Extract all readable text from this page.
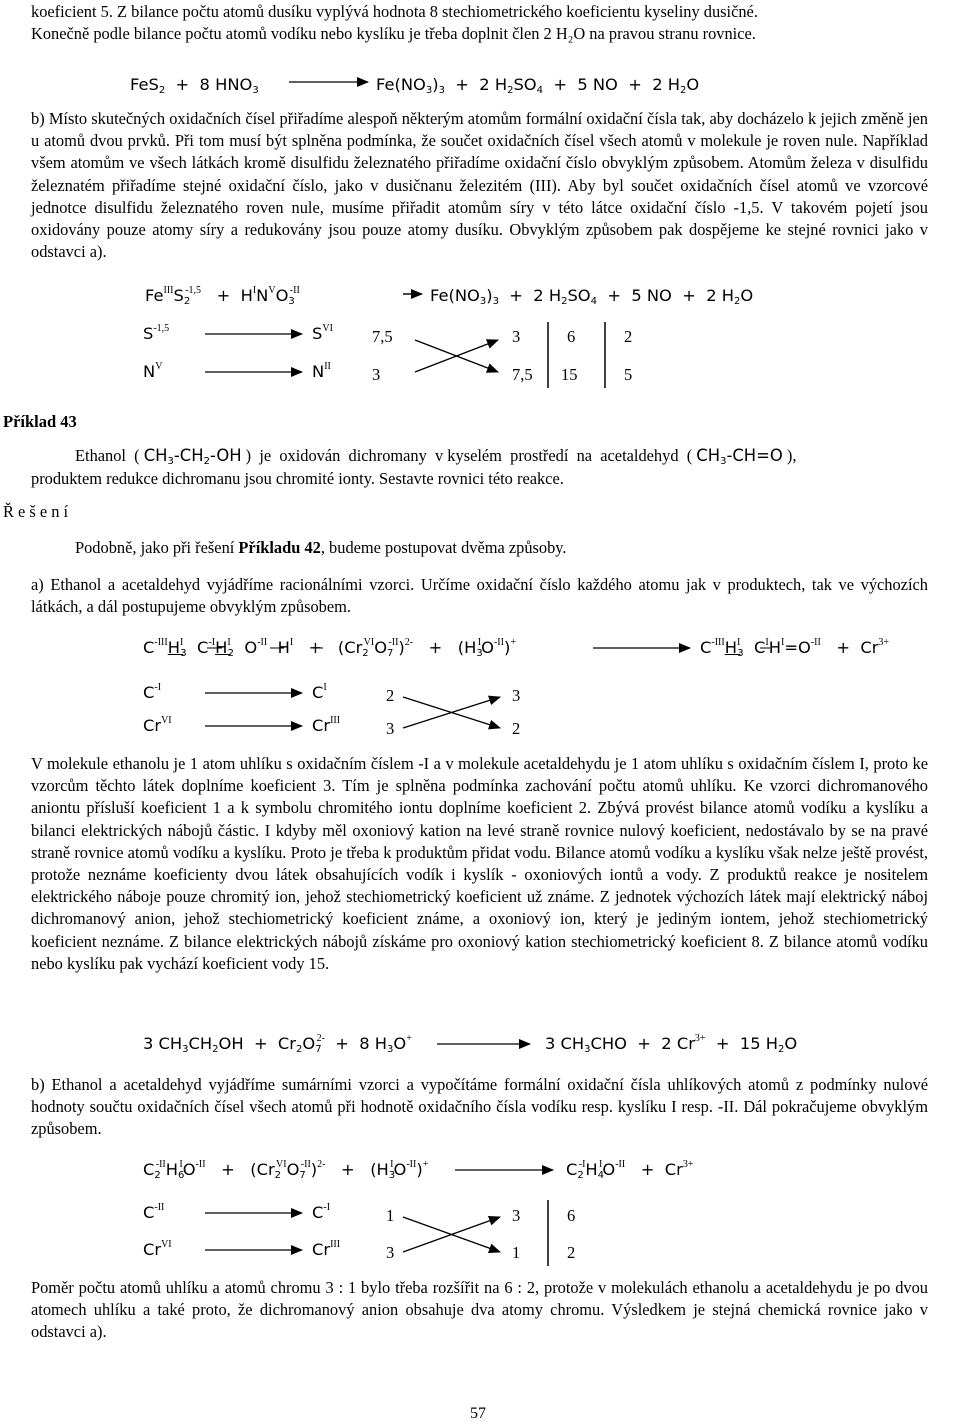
koeficient 5. Z bilance počtu atomů dusíku vyplývá hodnota 8 stechiometrického koeficientu kyseliny dusičné.
Konečně podle bilance počtu atomů vodíku nebo kyslíku je třeba doplnit člen 2 H₂O na pravou stranu rovnice.
FeS$_2$  +  8 $HNO_3$	$Fe(NO_3)_3 + 2$ $H_2SO_4 + 5$ NO  +  2 $H_2O$
b) Místo skutečných oxidačních čísel přiřadíme alespoň některým atomům formální oxidační čísla tak, aby docházelo k jejich změně jen u atomů dvou prvků. Při tom musí být splněna podmínka, že součet oxidačních čísel všech atomů v molekule je roven nule. Například všem atomům ve všech látkách kromě disulfidu železnatého přiřadíme oxidační číslo obvyklým způsobem. Atomům železa v disulfidu železnatém přiřadíme stejné oxidační číslo, jako v dusičnanu železitém (III). Aby byl součet oxidačních čísel atomů ve vzorcové jednotce disulfidu železnatého roven nule, musíme přiřadit atomům síry v této látce oxidační číslo -1,5. V takovém pojetí jsou oxidovány pouze atomy síry a redukovány jsou pouze atomy dusíku. Obvyklým způsobem pak dospějeme ke stejné rovnici jako v odstavci a).
$Fe^{III}S_2^{-1,5} + H^IN^VO_3^{-II}$	$Fe(NO_3)_3 + 2$ $H_2SO_4 + 5$ NO  +  2 $H_2O$
$S^{-1,5}$	$S^{VI}$ 7,5	3	6	2
$N^V$	$N^{II}$ 3	7,5 15	5
Příklad 43
Ethanol  ( $CH_3-CH_2-OH$ )  je  oxidován  dichromany  v kyselém  prostředí  na  acetaldehyd  ( $CH_3-CH=O$ ),
produktem redukce dichromanu jsou chromité ionty. Sestavte rovnici této reakce.
Ř e š e n í
Podobně, jako při řešení Příkladu 42, budeme postupovat dvěma způsoby.
a) Ethanol a acetaldehyd vyjádříme racionálními vzorci. Určíme oxidační číslo každého atomu jak v produktech, tak ve výchozích látkách, a dál postupujeme obvyklým způsobem.
$C^{-III}H^I_3$  $C^{-I}H^I_2$  $O^{-II}$  $H^I + (Cr_2^{VI}O_7^{-II})^{2-} + (H_3^IO^{-II})^+$	$C^{-III}H^I_3$  $C^IH^I=O^{-II} + Cr^{3+}$
$C^{-I}$	$C^I$	2	3
$Cr^{VI}$	$Cr^{III}$	3	2
V molekule ethanolu je 1 atom uhlíku s oxidačním číslem -I a v molekule acetaldehydu je 1 atom uhlíku s oxidačním číslem I, proto ke vzorcům těchto látek doplníme koeficient 3. Tím je splněna podmínka zachování počtu atomů uhlíku. Ke vzorci dichromanového aniontu přísluší koeficient 1 a k symbolu chromitého iontu doplníme koeficient 2. Zbývá provést bilance atomů vodíku a kyslíku a bilanci elektrických nábojů částic. I kdyby měl oxoniový kation na levé straně rovnice nulový koeficient, nedostávalo by se na pravé straně rovnice atomů vodíku a kyslíku. Proto je třeba k produktům přidat vodu. Bilance atomů vodíku a kyslíku však nelze ještě provést, protože neznáme koeficienty dvou látek obsahujících vodík i kyslík - oxoniových iontů a vody. Z produktů reakce je nositelem elektrického náboje pouze chromitý ion, jehož stechiometrický koeficient už známe. Z jednotek výchozích látek mají elektrický náboj dichromanový anion, jehož stechiometrický koeficient známe, a oxoniový ion, který je jediným iontem, jehož stechiometrický koeficient neznáme. Z bilance elektrických nábojů získáme pro oxoniový kation stechiometrický koeficient 8. Z bilance atomů vodíku nebo kyslíku pak vychází koeficient vody 15.
3 $CH_3CH_2OH + Cr_2O_7^{2-} + 8$ $H_3O^+$	3 $CH_3CHO + 2$ $Cr^{3+} + 15$ $H_2O$
b) Ethanol a acetaldehyd vyjádříme sumárními vzorci a vypočítáme formální oxidační čísla uhlíkových atomů z podmínky nulové hodnoty součtu oxidačních čísel všech atomů při hodnotě oxidačního čísla vodíku resp. kyslíku I resp. -II. Dál pokračujeme obvyklým způsobem.
$C_2^{-II}H_6^IO^{-II} + (Cr_2^{VI}O_7^{-II})^{2-} + (H_3^IO^{-II})^+$	$C_2^{-I}H_4^IO^{-II} + Cr^{3+}$
$C^{-II}$	$C^{-I}$	1	3	6
$Cr^{VI}$	$Cr^{III}$	3	1	2
Poměr počtu atomů uhlíku a atomů chromu 3 : 1 bylo třeba rozšířit na 6 : 2, protože v molekulách ethanolu a acetaldehydu je po dvou atomech uhlíku a také proto, že dichromanový anion obsahuje dva atomy chromu. Výsledkem je stejná chemická rovnice jako v odstavci a).
57
